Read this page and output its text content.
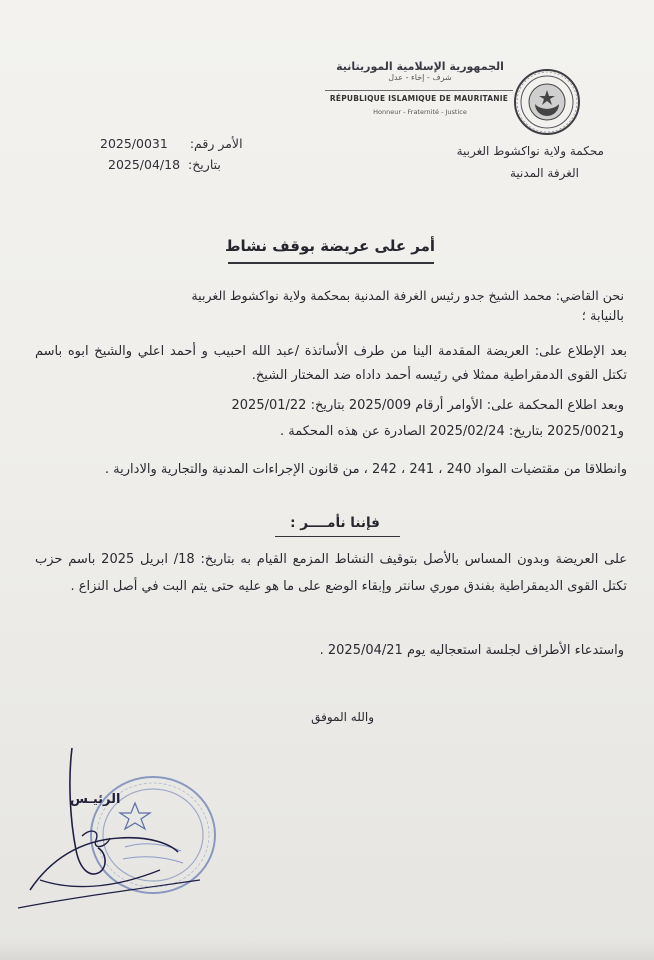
الجمهورية الإسلامية الموريتانية
شرف - إخاء - عدل
RÉPUBLIQUE ISLAMIQUE DE MAURITANIE
Honneur - Fraternité - Justice
الأمر رقم: 2025/0031
بتاريخ: 2025/04/18
محكمة ولاية نواكشوط الغربية
الغرفة المدنية
أمر على عريضة بوقف نشاط
نحن القاضي: محمد الشيخ جدو رئيس الغرفة المدنية بمحكمة ولاية نواكشوط الغربية
بالنيابة ؛
بعد الإطلاع على: العريضة المقدمة الينا من طرف الأساتذة /عبد الله احبيب و أحمد اعلي والشيخ ابوه باسم تكتل القوى الدمقراطية ممثلا في رئيسه أحمد داداه ضد المختار الشيخ.
وبعد اطلاع المحكمة على: الأوامر أرقام 2025/009 بتاريخ: 2025/01/22
و2025/0021 بتاريخ: 2025/02/24 الصادرة عن هذه المحكمة .
وانطلاقا من مقتضيات المواد 240 ، 241 ، 242 ، من قانون الإجراءات المدنية والتجارية والادارية .
فإننا نأمــــر :
على العريضة وبدون المساس بالأصل بتوقيف النشاط المزمع القيام به بتاريخ: 18/ ابريل 2025 باسم حزب تكتل القوى الديمقراطية بفندق موري سانتر وإبقاء الوضع على ما هو عليه حتى يتم البت في أصل النزاع .
واستدعاء الأطراف لجلسة استعجاليه يوم 2025/04/21 .
والله الموفق
الرئيـس
